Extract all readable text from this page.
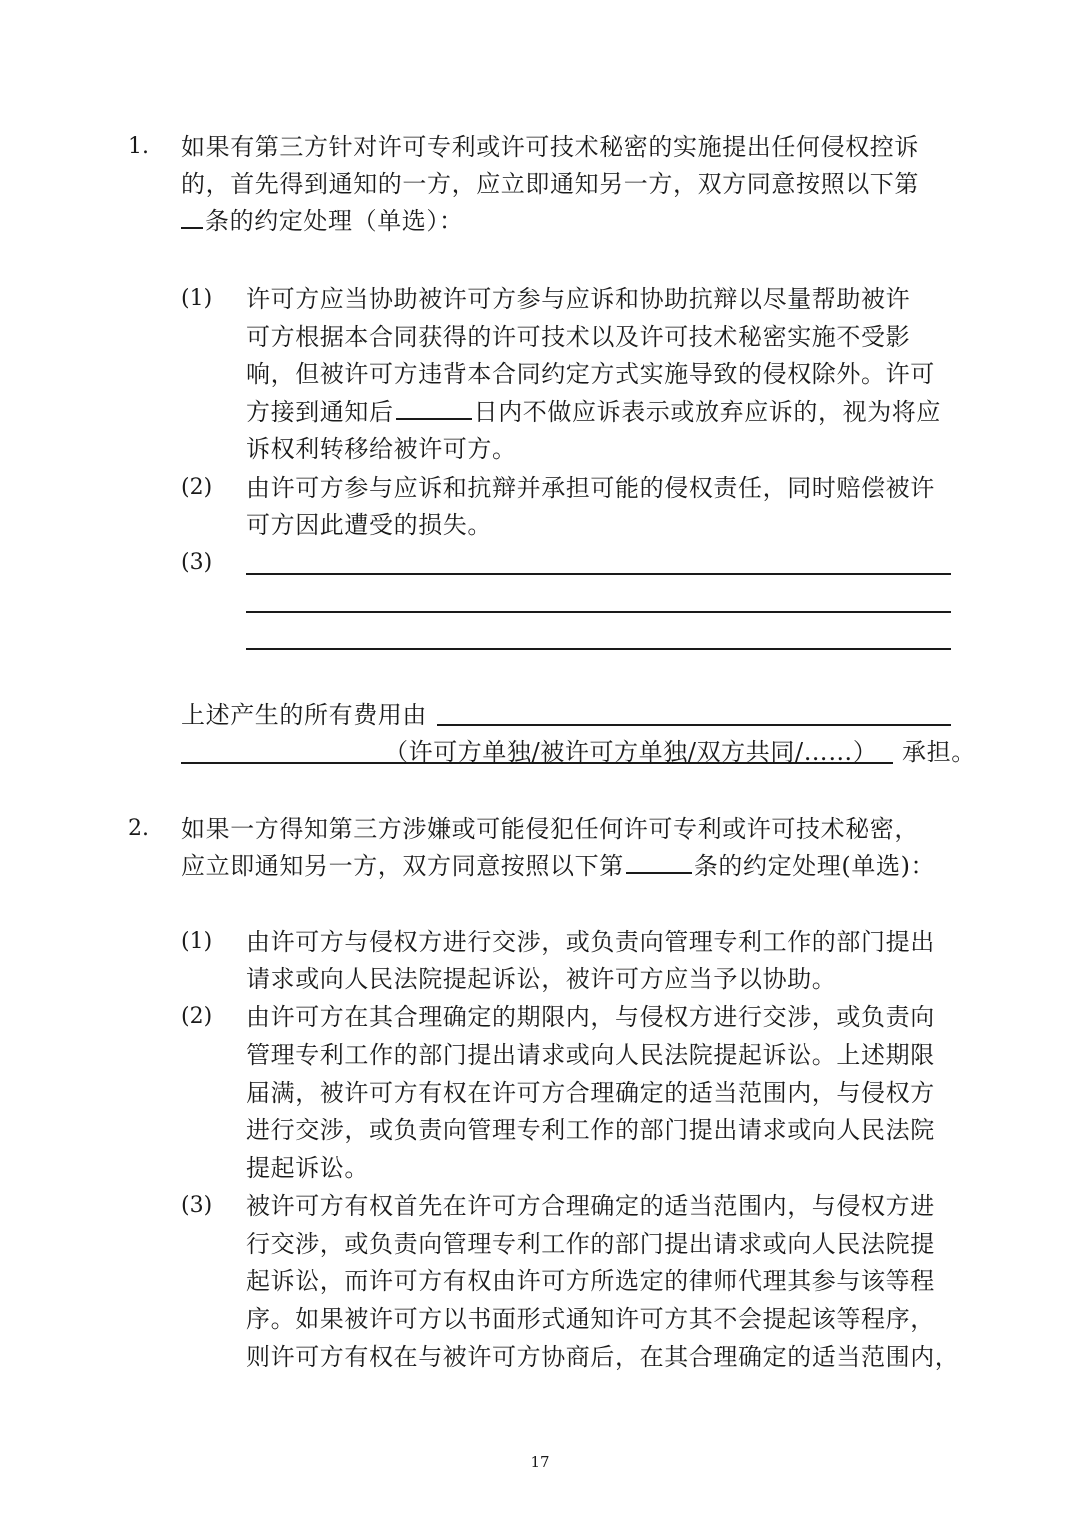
1. 如果有第三方针对许可专利或许可技术秘密的实施提出任何侵权控诉
的，首先得到通知的一方，应立即通知另一方，双方同意按照以下第
条的约定处理（单选）：
(1) 许可方应当协助被许可方参与应诉和协助抗辩以尽量帮助被许
可方根据本合同获得的许可技术以及许可技术秘密实施不受影
响，但被许可方违背本合同约定方式实施导致的侵权除外。许可
方接到通知后	日内不做应诉表示或放弃应诉的，视为将应
诉权利转移给被许可方。
(2) 由许可方参与应诉和抗辩并承担可能的侵权责任，同时赔偿被许
可方因此遭受的损失。
(3)
上述产生的所有费用由
（许可方单独/被许可方单独/双方共同/……） 承担。
2. 如果一方得知第三方涉嫌或可能侵犯任何许可专利或许可技术秘密，
应立即通知另一方，双方同意按照以下第	条的约定处理(单选)：
(1) 由许可方与侵权方进行交涉，或负责向管理专利工作的部门提出
请求或向人民法院提起诉讼，被许可方应当予以协助。
(2) 由许可方在其合理确定的期限内，与侵权方进行交涉，或负责向
管理专利工作的部门提出请求或向人民法院提起诉讼。上述期限
届满，被许可方有权在许可方合理确定的适当范围内，与侵权方
进行交涉，或负责向管理专利工作的部门提出请求或向人民法院
提起诉讼。
(3) 被许可方有权首先在许可方合理确定的适当范围内，与侵权方进
行交涉，或负责向管理专利工作的部门提出请求或向人民法院提
起诉讼，而许可方有权由许可方所选定的律师代理其参与该等程
序。如果被许可方以书面形式通知许可方其不会提起该等程序，
则许可方有权在与被许可方协商后，在其合理确定的适当范围内，
17
